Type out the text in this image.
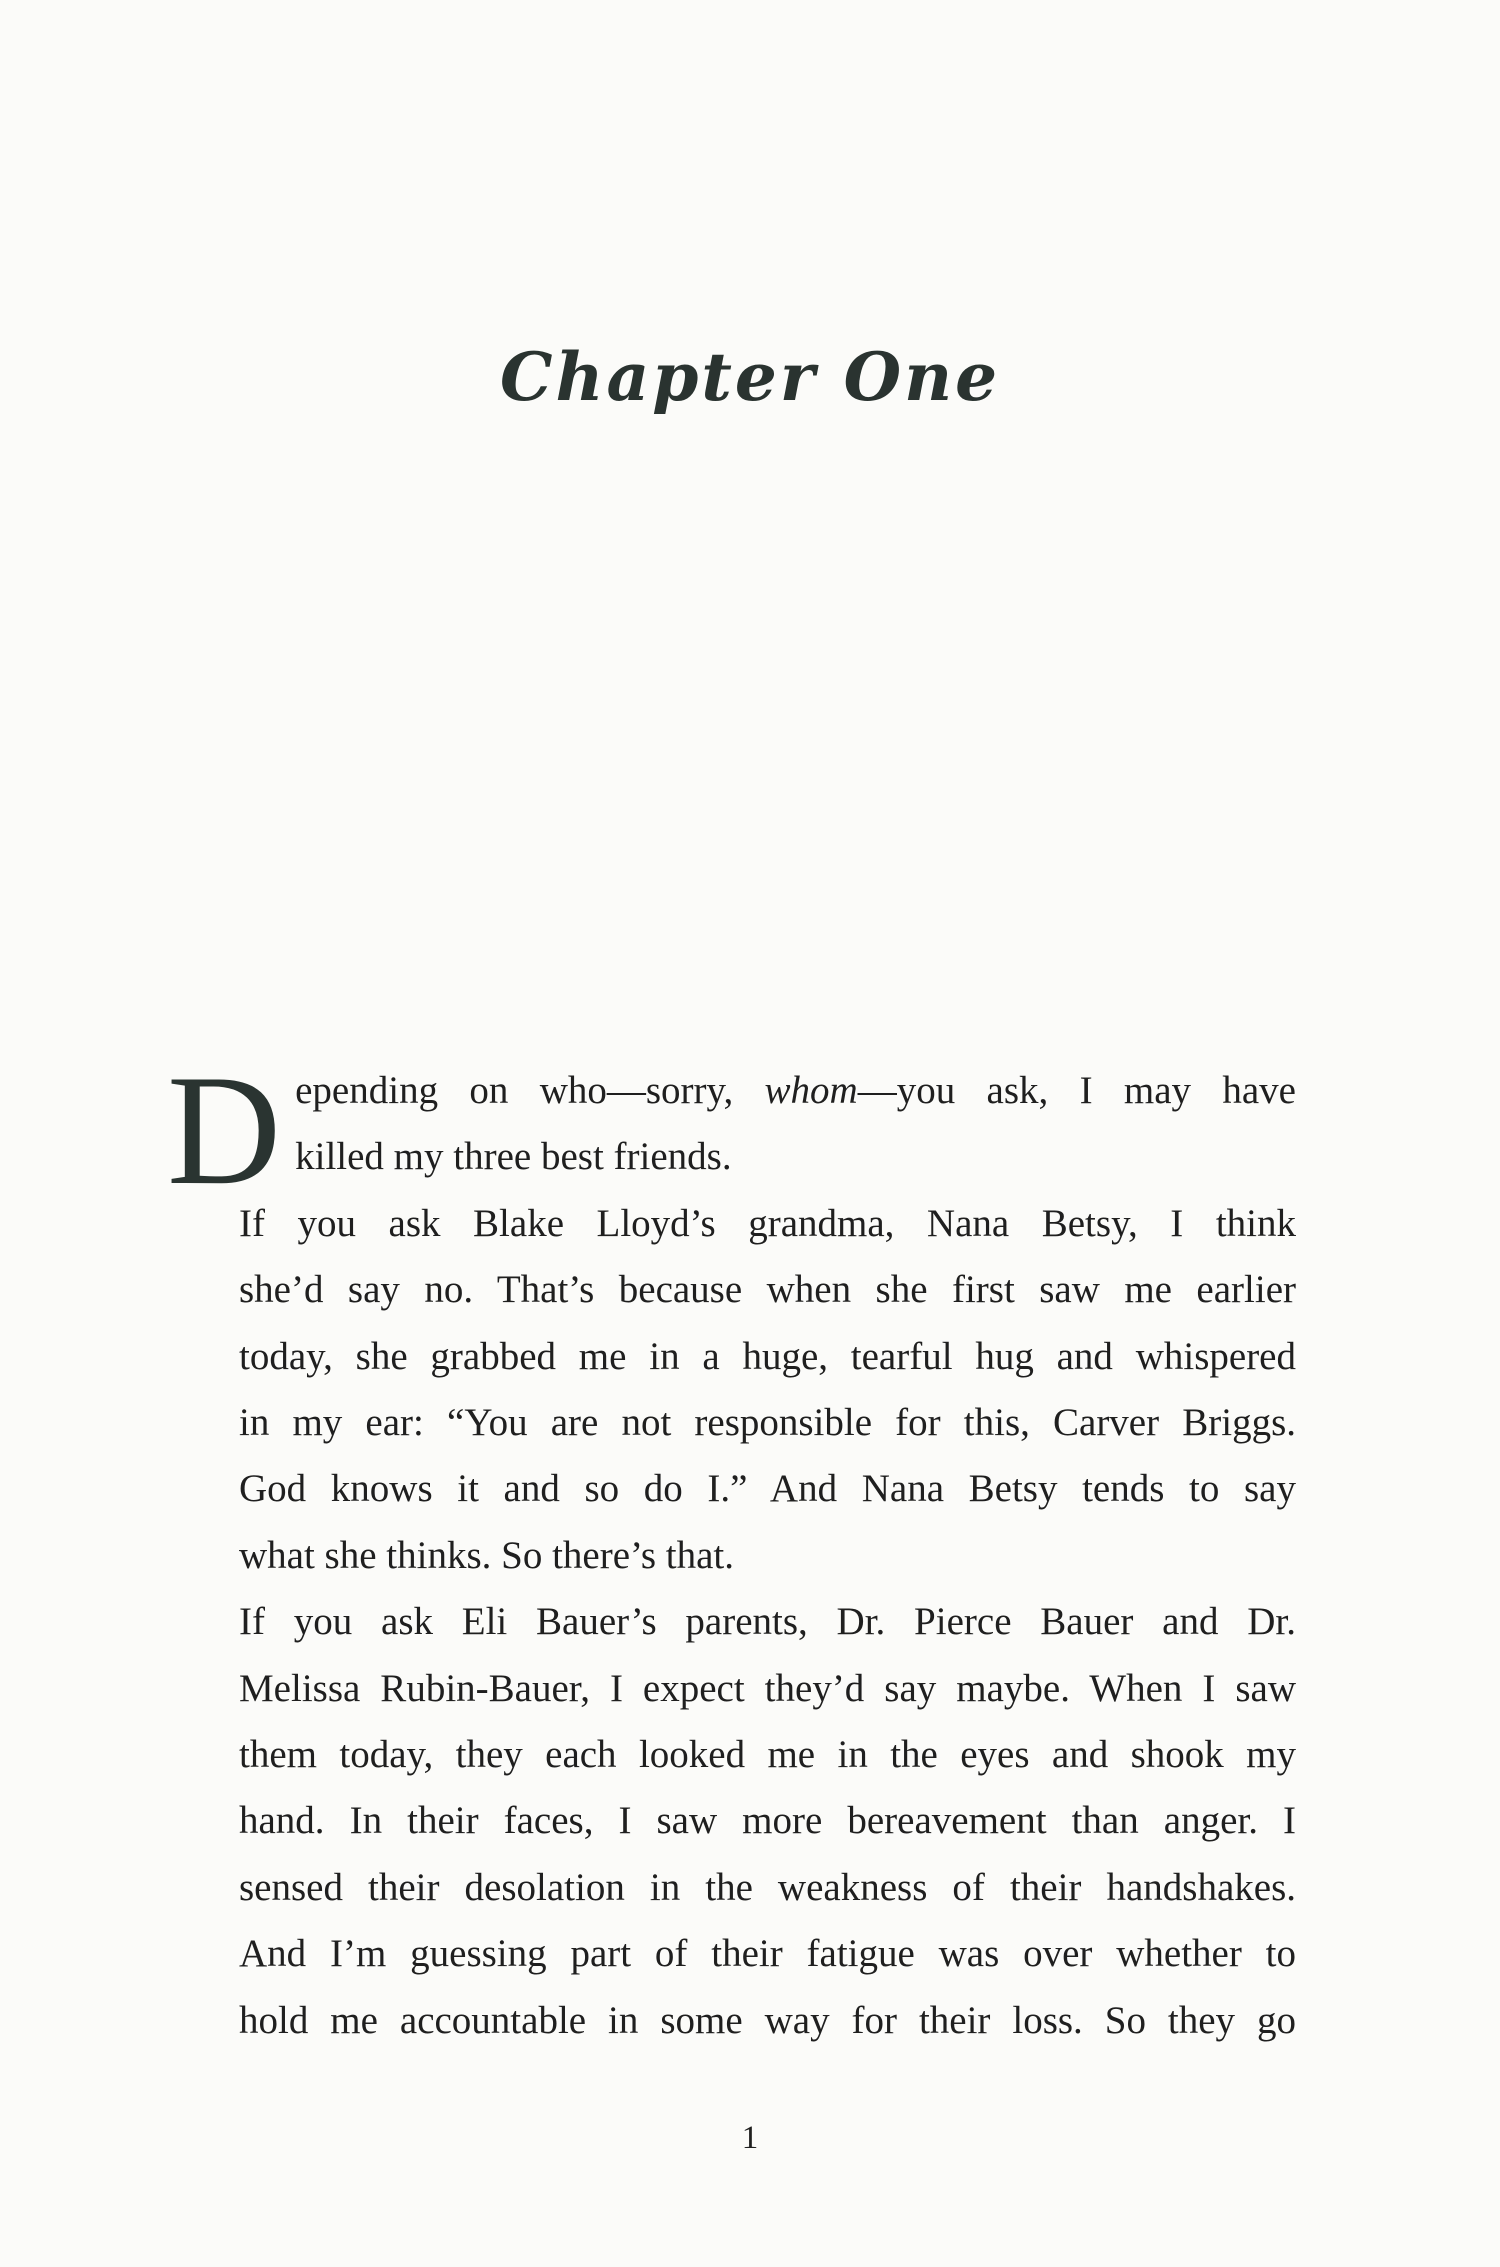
Chapter One
D epending on who—sorry, whom—you ask, I may have
killed my three best friends.
If you ask Blake Lloyd’s grandma, Nana Betsy, I think
she’d say no. That’s because when she first saw me earlier
today, she grabbed me in a huge, tearful hug and whispered
in my ear: “You are not responsible for this, Carver Briggs.
God knows it and so do I.” And Nana Betsy tends to say
what she thinks. So there’s that.
If you ask Eli Bauer’s parents, Dr. Pierce Bauer and Dr.
Melissa Rubin-Bauer, I expect they’d say maybe. When I saw
them today, they each looked me in the eyes and shook my
hand. In their faces, I saw more bereavement than anger. I
sensed their desolation in the weakness of their handshakes.
And I’m guessing part of their fatigue was over whether to
hold me accountable in some way for their loss. So they go
1
